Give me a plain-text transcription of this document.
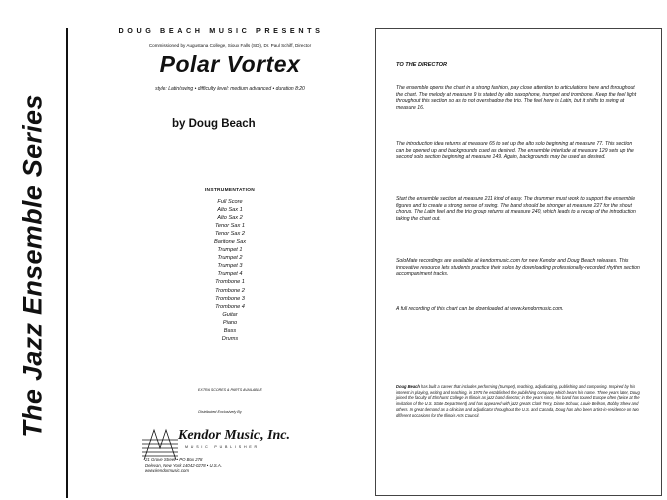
The Jazz Ensemble Series
DOUG BEACH MUSIC PRESENTS
Commissioned by Augustana College, Sioux Falls (SD), Dr. Paul Schiff, Director
Polar Vortex
style: Latin/swing • difficulty level: medium advanced • duration 8:20
by Doug Beach
INSTRUMENTATION
Full Score
Alto Sax 1
Alto Sax 2
Tenor Sax 1
Tenor Sax 2
Baritone Sax
Trumpet 1
Trumpet 2
Trumpet 3
Trumpet 4
Trombone 1
Trombone 2
Trombone 3
Trombone 4
Guitar
Piano
Bass
Drums
EXTRA SCORES & PARTS AVAILABLE
Distributed Exclusively By
Kendor Music, Inc.
MUSIC PUBLISHER
21 Grove Street • PO Box 278
Delevan, New York 14042-0278 • U.S.A.
www.kendormusic.com
TO THE DIRECTOR

The ensemble opens the chart in a strong fashion, pay close attention to articulations here and throughout the chart. The melody at measure 9 is stated by alto saxophone, trumpet and trombone. Keep the feel light throughout this section so as to not overshadow the trio. The feel here is Latin, but it shifts to swing at measure 16.

The introduction idea returns at measure 65 to set up the alto solo beginning at measure 77. This section can be opened up and backgrounds cued as desired. The ensemble interlude at measure 129 sets up the second solo section beginning at measure 149. Again, backgrounds may be used as desired.

Start the ensemble section at measure 211 kind of easy. The drummer must work to support the ensemble figures and to create a strong sense of swing. The band should be stronger at measure 227 for the shout chorus. The Latin feel and the trio group returns at measure 240, which leads to a recap of the introduction taking the chart out.

SoloMate recordings are available at kendormusic.com for new Kendor and Doug Beach releases. This innovative resource lets students practice their solos by downloading professionally-recorded rhythm section accompaniment tracks.

A full recording of this chart can be downloaded at www.kendormusic.com.

Doug Beach has built a career that includes performing (trumpet), teaching, adjudicating, publishing and composing. Inspired by his interest in playing, writing and teaching, in 1975 he established the publishing company which bears his name. Three years later, Doug joined the faculty of Elmhurst College in Illinois as jazz band director; in the years since, his band has toured Europe often (twice at the invitation of the U.S. State Department) and has appeared with jazz greats Clark Terry, Diane Schuur, Louie Bellson, Bobby Shew and others. In great demand as a clinician and adjudicator throughout the U.S. and Canada, Doug has also been artist-in-residence on two different occasions for the Illinois Arts Council.
